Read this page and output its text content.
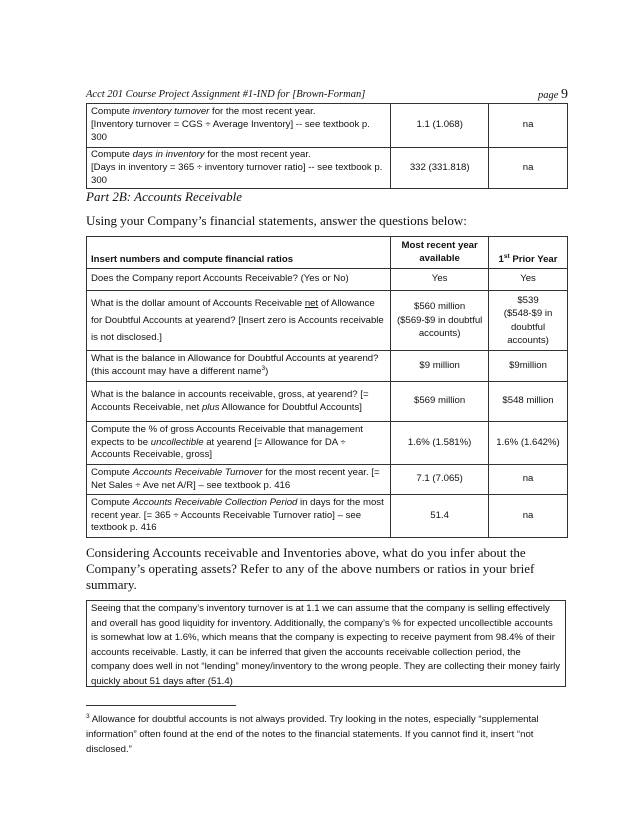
Acct 201 Course Project Assignment #1-IND for [Brown-Forman]	page 9
Compute inventory turnover for the most recent year.
[Inventory turnover = CGS ÷ Average Inventory] -- see textbook p. 300	1.1 (1.068)	na
Compute days in inventory for the most recent year.
[Days in inventory = 365 ÷ inventory turnover ratio] -- see textbook p. 300	332 (331.818)	na
Part 2B: Accounts Receivable
Using your Company’s financial statements, answer the questions below:
Insert numbers and compute financial ratios	Most recent year available	1st Prior Year
Does the Company report Accounts Receivable? (Yes or No)	Yes	Yes
What is the dollar amount of Accounts Receivable net of Allowance for Doubtful Accounts at yearend? [Insert zero is Accounts receivable is not disclosed.]	$560 million ($569-$9 in doubtful accounts)	$539 ($548-$9 in doubtful accounts)
What is the balance in Allowance for Doubtful Accounts at yearend? (this account may have a different name$^3$)	$9 million	$9million
What is the balance in accounts receivable, gross, at yearend? [= Accounts Receivable, net plus Allowance for Doubtful Accounts]	$569 million	$548 million
Compute the % of gross Accounts Receivable that management expects to be uncollectible at yearend [= Allowance for DA ÷ Accounts Receivable, gross]	1.6% (1.581%)	1.6% (1.642%)
Compute Accounts Receivable Turnover for the most recent year. [= Net Sales ÷ Ave net A/R] – see textbook p. 416	7.1 (7.065)	na
Compute Accounts Receivable Collection Period in days for the most recent year. [= 365 ÷ Accounts Receivable Turnover ratio] – see textbook p. 416	51.4	na
Considering Accounts receivable and Inventories above, what do you infer about the Company’s operating assets? Refer to any of the above numbers or ratios in your brief summary.
Seeing that the company’s inventory turnover is at 1.1 we can assume that the company is selling effectively and overall has good liquidity for inventory. Additionally, the company’s % for expected uncollectible accounts is somewhat low at 1.6%, which means that the company is expecting to receive payment from 98.4% of their accounts receivable. Lastly, it can be inferred that given the accounts receivable collection period, the company does well in not “lending” money/inventory to the wrong people. They are collecting their money fairly quickly about 51 days after (51.4)
$^3$ Allowance for doubtful accounts is not always provided. Try looking in the notes, especially “supplemental information” often found at the end of the notes to the financial statements. If you cannot find it, insert “not disclosed.”
